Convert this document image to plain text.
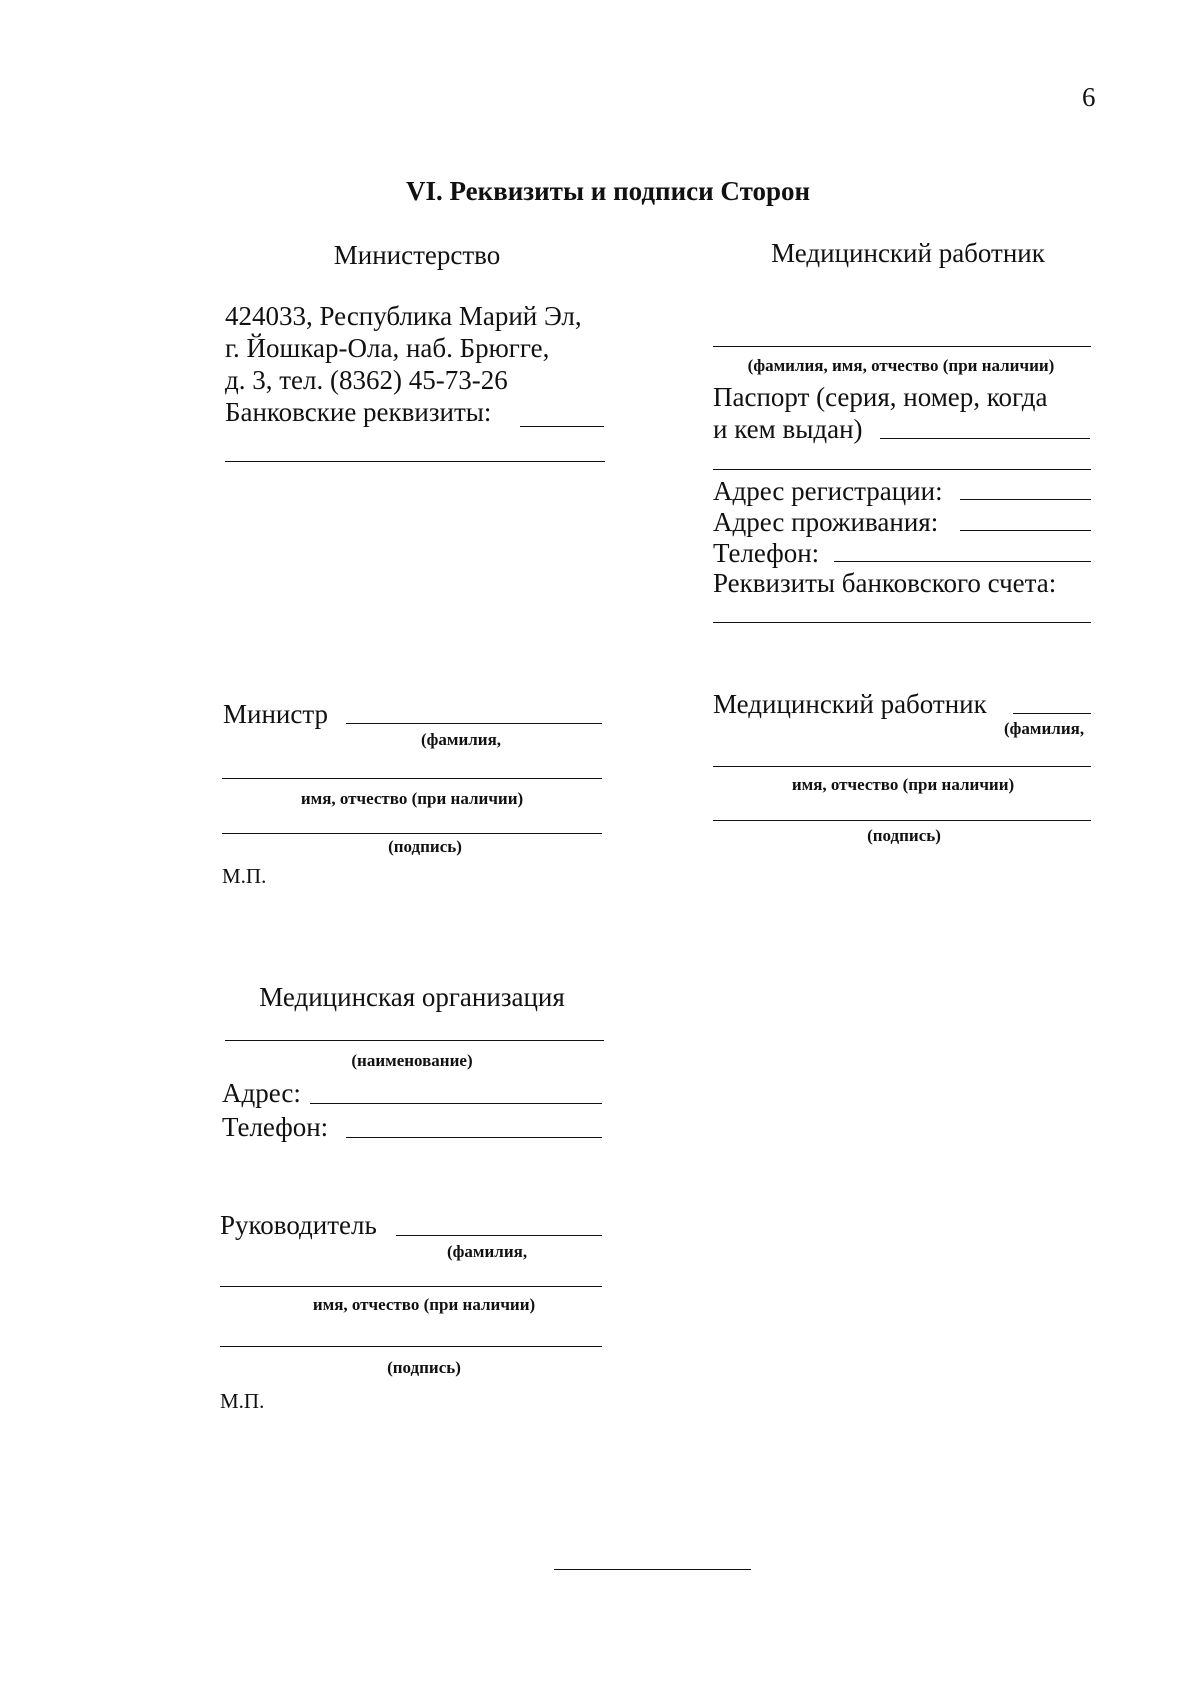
6
VI. Реквизиты и подписи Сторон
Министерство
424033, Республика Марий Эл,
г. Йошкар-Ола, наб. Брюгге,
д. 3, тел. (8362) 45-73-26
Банковские реквизиты:
Министр
(фамилия,
имя, отчество (при наличии)
(подпись)
М.П.
Медицинский работник
(фамилия, имя, отчество (при наличии)
Паспорт (серия, номер, когда
и кем выдан)
Адрес регистрации:
Адрес проживания:
Телефон:
Реквизиты банковского счета:
Медицинский работник
(фамилия,
имя, отчество (при наличии)
(подпись)
Медицинская организация
(наименование)
Адрес:
Телефон:
Руководитель
(фамилия,
имя, отчество (при наличии)
(подпись)
М.П.
